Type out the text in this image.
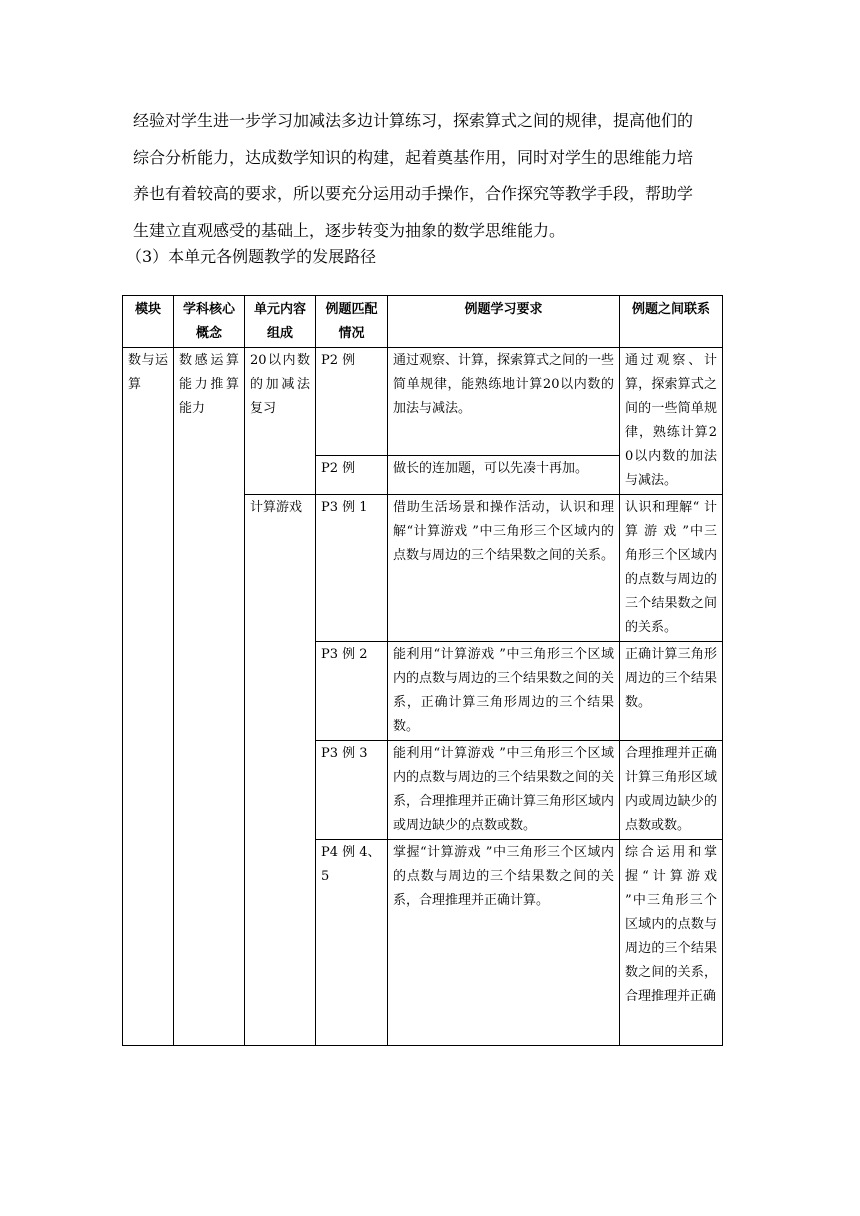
经验对学生进一步学习加减法多边计算练习，探索算式之间的规律，提高他们的
综合分析能力，达成数学知识的构建，起着奠基作用，同时对学生的思维能力培
养也有着较高的要求，所以要充分运用动手操作，合作探究等教学手段，帮助学
生建立直观感受的基础上，逐步转变为抽象的数学思维能力。
（3）本单元各例题教学的发展路径
模块	学科核心概念	单元内容组成	例题匹配情况	例题学习要求	例题之间联系
数与运算	数感运算能力推算能力	20以内数的加减法复习	P2 例	通过观察、计算，探索算式之间的一些简单规律，能熟练地计算20以内数的加法与减法。	通过观察、计算，探索算式之间的一些简单规律，熟练计算20以内数的加法与减法。
			P2 例	做长的连加题，可以先凑十再加。	
		计算游戏	P3 例 1	借助生活场景和操作活动，认识和理解“计算游戏 ”中三角形三个区域内的点数与周边的三个结果数之间的关系。	认识和理解“ 计 算 游 戏 ”中三角形三个区域内的点数与周边的三个结果数之间的关系。
			P3 例 2	能利用“计算游戏 ”中三角形三个区域内的点数与周边的三个结果数之间的关系，正确计算三角形周边的三个结果数。	正确计算三角形周边的三个结果数。
			P3 例 3	能利用“计算游戏 ”中三角形三个区域内的点数与周边的三个结果数之间的关系，合理推理并正确计算三角形区域内或周边缺少的点数或数。	合理推理并正确计算三角形区域内或周边缺少的点数或数。
			P4 例 4、5	掌握“计算游戏 ”中三角形三个区域内的点数与周边的三个结果数之间的关系，合理推理并正确计算。	综合运用和掌握“计算游戏 ”中三角形三个区域内的点数与周边的三个结果数之间的关系，合理推理并正确
